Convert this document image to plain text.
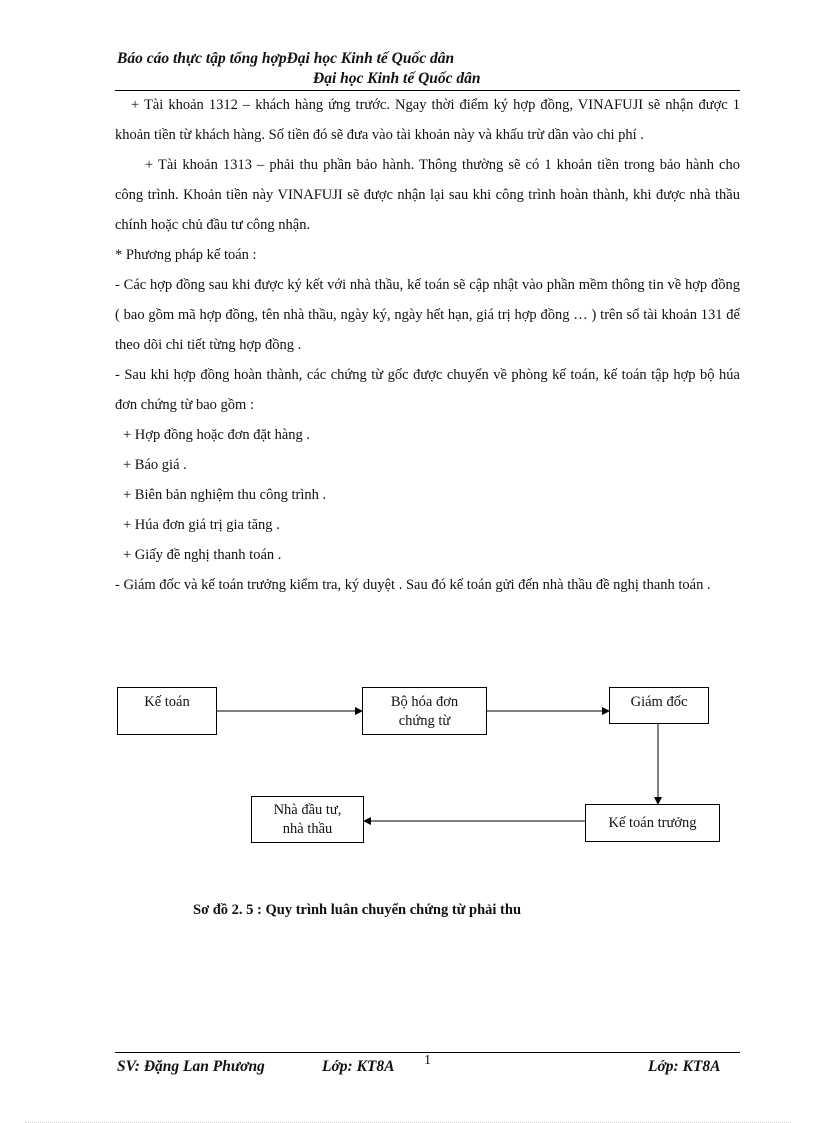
Báo cáo thực tập tổng hợpĐại học Kinh tế Quốc dân
Đại học Kinh tế Quốc dân

+ Tài khoản 1312 – khách hàng ứng trước. Ngay thời điểm ký hợp đồng, VINAFUJI sẽ nhận được 1 khoản tiền từ khách hàng. Số tiền đó sẽ đưa vào tài khoản này và khấu trừ dần vào chi phí .

+ Tài khoản 1313 – phải thu phần bảo hành. Thông thường sẽ có 1 khoản tiền trong bảo hành cho công trình. Khoản tiền này VINAFUJI sẽ được nhận lại sau khi công trình hoàn thành, khi được nhà thầu chính hoặc chủ đầu tư công nhận.

* Phương pháp kế toán :

- Các hợp đồng sau khi được ký kết với nhà thầu, kế toán sẽ cập nhật vào phần mềm thông tin về hợp đồng ( bao gồm mã hợp đồng, tên nhà thầu, ngày ký, ngày hết hạn, giá trị hợp đồng … ) trên sổ tài khoản 131 để theo dõi chi tiết từng hợp đồng .

- Sau khi hợp đồng hoàn thành, các chứng từ gốc được chuyển về phòng kế toán, kế toán tập hợp bộ húa đơn chứng từ bao gồm :

+ Hợp đồng hoặc đơn đặt hàng .

+ Báo giá .

+ Biên bản nghiệm thu công trình .

+ Húa đơn giá trị gia tăng .

+ Giấy đề nghị thanh toán .

- Giám đốc và kế toán trưởng kiểm tra, ký duyệt . Sau đó kế toán gửi đến nhà thầu đề nghị thanh toán .

Kế toán	Bộ hóa đơn
chứng từ
Giám đốc
Kế toán trưởng
Nhà đầu tư,
nhà thầu
Sơ đồ 2. 5 : Quy trình luân chuyển chứng từ phải thu
SV: Đặng Lan Phương	Lớp: KT8A 1	Lớp: KT8A
